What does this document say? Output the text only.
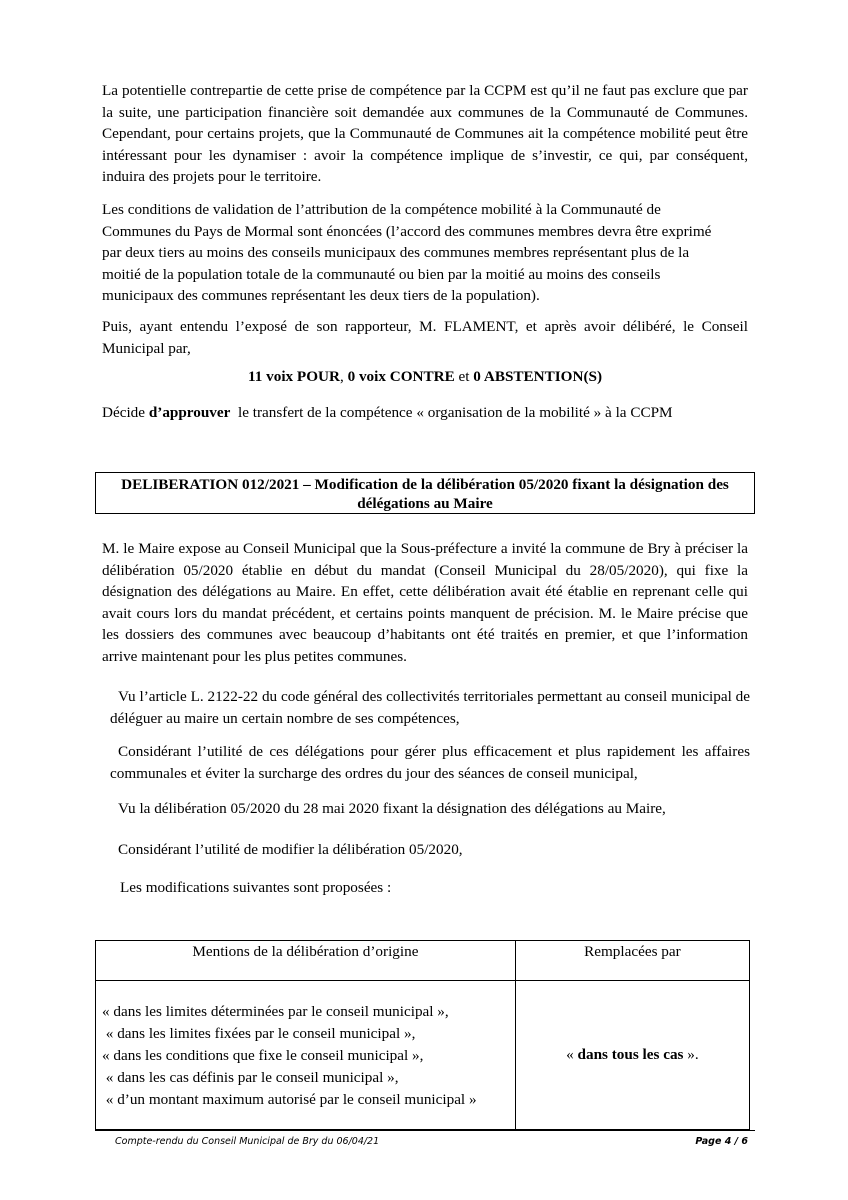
La potentielle contrepartie de cette prise de compétence par la CCPM est qu’il ne faut pas exclure que par la suite, une participation financière soit demandée aux communes de la Communauté de Communes. Cependant, pour certains projets, que la Communauté de Communes ait la compétence mobilité peut être intéressant pour les dynamiser : avoir la compétence implique de s’investir, ce qui, par conséquent, induira des projets pour le territoire.

Les conditions de validation de l’attribution de la compétence mobilité à la Communauté de
Communes du Pays de Mormal sont énoncées (l’accord des communes membres devra être exprimé
par deux tiers au moins des conseils municipaux des communes membres représentant plus de la
moitié de la population totale de la communauté ou bien par la moitié au moins des conseils
municipaux des communes représentant les deux tiers de la population).

Puis, ayant entendu l’exposé de son rapporteur, M. FLAMENT, et après avoir délibéré, le Conseil Municipal par,

11 voix POUR, 0 voix CONTRE et 0 ABSTENTION(S)

Décide d’approuver  le transfert de la compétence « organisation de la mobilité » à la CCPM

DELIBERATION 012/2021 – Modification de la délibération 05/2020 fixant la désignation des
délégations au Maire

M. le Maire expose au Conseil Municipal que la Sous-préfecture a invité la commune de Bry à préciser la délibération 05/2020 établie en début du mandat (Conseil Municipal du 28/05/2020), qui fixe la désignation des délégations au Maire. En effet, cette délibération avait été établie en reprenant celle qui avait cours lors du mandat précédent, et certains points manquent de précision. M. le Maire précise que les dossiers des communes avec beaucoup d’habitants ont été traités en premier, et que l’information arrive maintenant pour les plus petites communes.

Vu l’article L. 2122-22 du code général des collectivités territoriales permettant au conseil municipal de déléguer au maire un certain nombre de ses compétences,

Considérant l’utilité de ces délégations pour gérer plus efficacement et plus rapidement les affaires communales et éviter la surcharge des ordres du jour des séances de conseil municipal,

Vu la délibération 05/2020 du 28 mai 2020 fixant la désignation des délégations au Maire,

Considérant l’utilité de modifier la délibération 05/2020,

Les modifications suivantes sont proposées :

Mentions de la délibération d’origine	Remplacées par

« dans les limites déterminées par le conseil municipal »,
« dans les limites fixées par le conseil municipal »,
« dans les conditions que fixe le conseil municipal »,
« dans les cas définis par le conseil municipal »,
« d’un montant maximum autorisé par le conseil municipal »	« dans tous les cas ».
Compte-rendu du Conseil Municipal de Bry du 06/04/21	Page 4 / 6
